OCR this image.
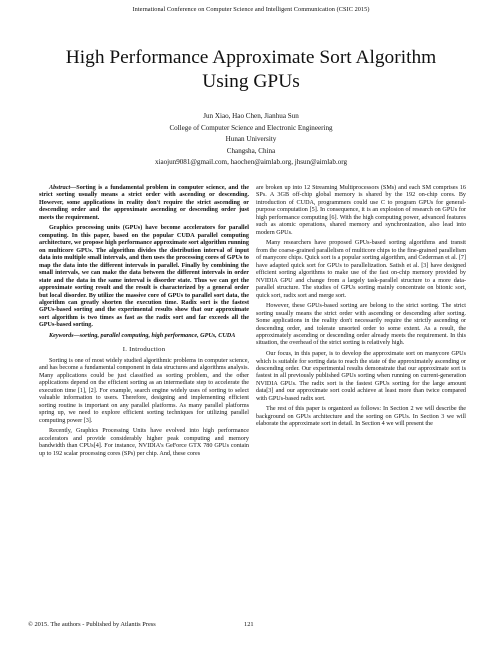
International Conference on Computer Science and Intelligent Communication (CSIC 2015)
High Performance Approximate Sort Algorithm
Using GPUs
Jun Xiao, Hao Chen, Jianhua Sun
College of Computer Science and Electronic Engineering
Hunan University
Changsha, China
xiaojun9081@gmail.com, haochen@aimlab.org, jhsun@aimlab.org

Abstract—Sorting is a fundamental problem in computer science, and the strict sorting usually means a strict order with ascending or descending. However, some applications in reality don't require the strict ascending or descending order and the approximate ascending or descending order just meets the requirement.

Graphics processing units (GPUs) have become accelerators for parallel computing. In this paper, based on the popular CUDA parallel computing architecture, we propose high performance approximate sort algorithm running on multicore GPUs. The algorithm divides the distribution interval of input data into multiple small intervals, and then uses the processing cores of GPUs to map the data into the different intervals in parallel. Finally by combining the small intervals, we can make the data between the different intervals in order state and the data in the same interval is disorder state. Thus we can get the approximate sorting result and the result is characterized by a general order but local disorder. By utilize the massive core of GPUs to parallel sort data, the algorithm can greatly shorten the execution time. Radix sort is the fastest GPUs-based sorting and the experimental results show that our approximate sort algorithm is two times as fast as the radix sort and far exceeds all the GPUs-based sorting.

Keywords—sorting, parallel computing, high performance, GPUs, CUDA

I. Introduction

Sorting is one of most widely studied algorithmic problems in computer science, and has become a fundamental component in data structures and algorithms analysis. Many applications could be just classified as sorting problem, and the other applications depend on the efficient sorting as an intermediate step to accelerate the execution time [1], [2]. For example, search engine widely uses of sorting to select valuable information to users. Therefore, designing and implementing efficient sorting routine is important on any parallel platforms. As many parallel platforms spring up, we need to explore efficient sorting techniques for utilizing parallel computing power [3].

Recently, Graphics Processing Units have evolved into high performance accelerators and provide considerably higher peak computing and memory bandwidth than CPUs[4]. For instance, NVIDIA's GeForce GTX 780 GPUs contain up to 192 scalar processing cores (SPs) per chip. And, these cores

are broken up into 12 Streaming Multiprocessors (SMs) and each SM comprises 16 SPs. A 3GB off-chip global memory is shared by the 192 on-chip cores. By introduction of CUDA, programmers could use C to program GPUs for general-purpose computation [5]. In consequence, it is an explosion of research on GPUs for high performance computing [6]. With the high computing power, advanced features such as atomic operations, shared memory and synchronization, also lead into modern GPUs.

Many researchers have proposed GPUs-based sorting algorithms and transit from the coarse-grained parallelism of multicore chips to the fine-grained parallelism of manycore chips. Quick sort is a popular sorting algorithm, and Cederman et al. [7] have adapted quick sort for GPUs to parallelization. Satish et al. [3] have designed efficient sorting algorithms to make use of the fast on-chip memory provided by NVIDIA GPU and change from a largely task-parallel structure to a more data-parallel structure. The studies of GPUs sorting mainly concentrate on bitonic sort, quick sort, radix sort and merge sort.

However, these GPUs-based sorting are belong to the strict sorting. The strict sorting usually means the strict order with ascending or descending after sorting. Some applications in the reality don't necessarily require the strictly ascending or descending order, and tolerate unsorted order to some extent. As a result, the approximately ascending or descending order already meets the requirement. In this situation, the overhead of the strict sorting is relatively high.

Our focus, in this paper, is to develop the approximate sort on manycore GPUs which is suitable for sorting data to reach the state of the approximately ascending or descending order. Our experimental results demonstrate that our approximate sort is fastest in all previously published GPUs sorting when running on current-generation NVIDIA GPUs. The radix sort is the fastest GPUs sorting for the large amount data[3] and our approximate sort could achieve at least more than twice compared with GPUs-based radix sort.

The rest of this paper is organized as follows: In Section 2 we will describe the background on GPUs architecture and the sorting on GPUs. In Section 3 we will elaborate the approximate sort in detail. In Section 4 we will present the

© 2015. The authors - Published by Atlantis Press	121
